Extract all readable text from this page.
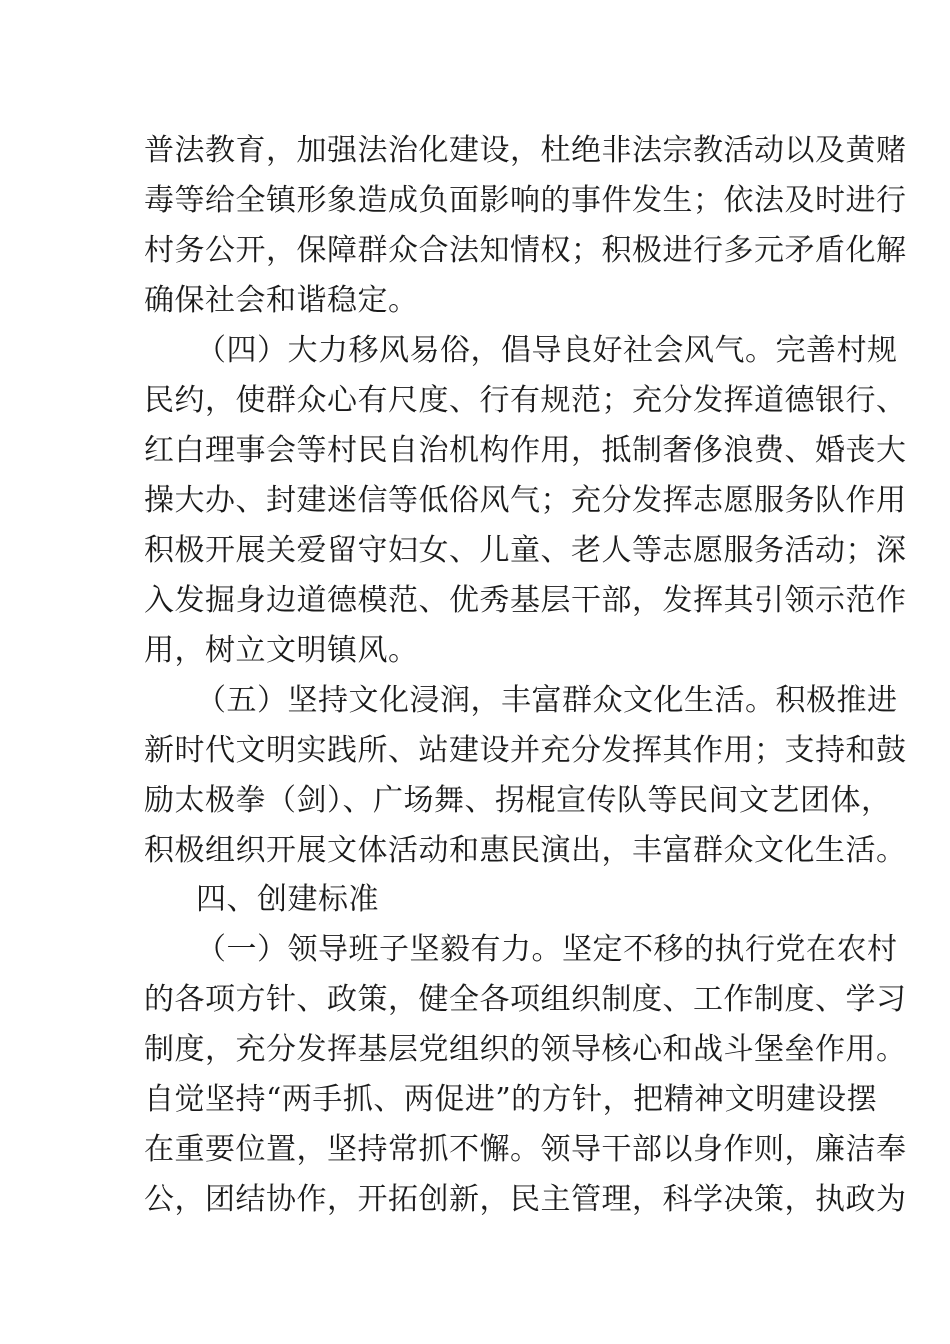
普法教育，加强法治化建设，杜绝非法宗教活动以及黄赌
毒等给全镇形象造成负面影响的事件发生；依法及时进行
村务公开，保障群众合法知情权；积极进行多元矛盾化解
确保社会和谐稳定。
（四）大力移风易俗，倡导良好社会风气。完善村规
民约，使群众心有尺度、行有规范；充分发挥道德银行、
红白理事会等村民自治机构作用，抵制奢侈浪费、婚丧大
操大办、封建迷信等低俗风气；充分发挥志愿服务队作用
积极开展关爱留守妇女、儿童、老人等志愿服务活动；深
入发掘身边道德模范、优秀基层干部，发挥其引领示范作
用，树立文明镇风。
（五）坚持文化浸润，丰富群众文化生活。积极推进
新时代文明实践所、站建设并充分发挥其作用；支持和鼓
励太极拳（剑）、广场舞、拐棍宣传队等民间文艺团体，
积极组织开展文体活动和惠民演出，丰富群众文化生活。
四、创建标准
（一）领导班子坚毅有力。坚定不移的执行党在农村
的各项方针、政策，健全各项组织制度、工作制度、学习
制度，充分发挥基层党组织的领导核心和战斗堡垒作用。
自觉坚持“两手抓、两促进”的方针，把精神文明建设摆
在重要位置，坚持常抓不懈。领导干部以身作则，廉洁奉
公，团结协作，开拓创新，民主管理，科学决策，执政为
